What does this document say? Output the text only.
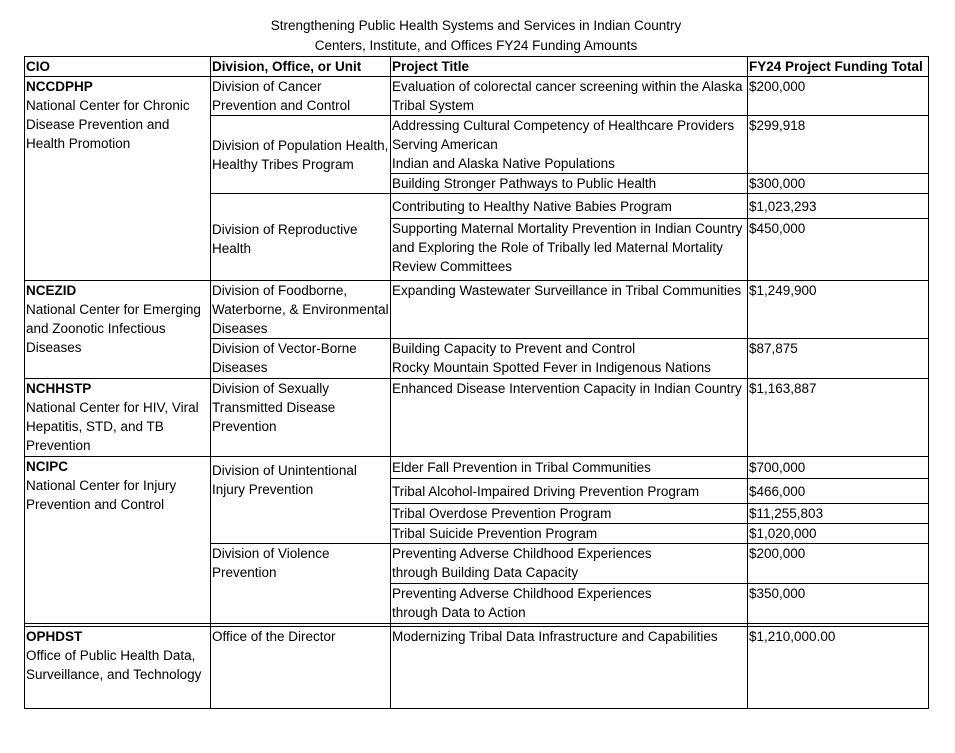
Strengthening Public Health Systems and Services in Indian Country
Centers, Institute, and Offices FY24 Funding Amounts
CIO	Division, Office, or Unit	Project Title	FY24 Project Funding Total

NCCDPHP
National Center for Chronic Disease Prevention and Health Promotion	Division of Cancer Prevention and Control	Evaluation of colorectal cancer screening within the Alaska Tribal System	$200,000
	Division of Population Health, Healthy Tribes Program	Addressing Cultural Competency of Healthcare Providers Serving American
Indian and Alaska Native Populations	$299,918
		Building Stronger Pathways to Public Health	$300,000
	Division of Reproductive Health	Contributing to Healthy Native Babies Program	$1,023,293
		Supporting Maternal Mortality Prevention in Indian Country and Exploring the Role of Tribally led Maternal Mortality Review Committees	$450,000

NCEZID
National Center for Emerging and Zoonotic Infectious Diseases	Division of Foodborne, Waterborne, & Environmental Diseases	Expanding Wastewater Surveillance in Tribal Communities	$1,249,900
	Division of Vector-Borne Diseases	Building Capacity to Prevent and Control
Rocky Mountain Spotted Fever in Indigenous Nations	$87,875

NCHHSTP
National Center for HIV, Viral Hepatitis, STD, and TB Prevention	Division of Sexually Transmitted Disease Prevention	Enhanced Disease Intervention Capacity in Indian Country	$1,163,887

NCIPC
National Center for Injury Prevention and Control	Division of Unintentional Injury Prevention	Elder Fall Prevention in Tribal Communities	$700,000
		Tribal Alcohol-Impaired Driving Prevention Program	$466,000
		Tribal Overdose Prevention Program	$11,255,803
		Tribal Suicide Prevention Program	$1,020,000
	Division of Violence Prevention	Preventing Adverse Childhood Experiences
through Building Data Capacity	$200,000
		Preventing Adverse Childhood Experiences
through Data to Action	$350,000

OPHDST
Office of Public Health Data, Surveillance, and Technology	Office of the Director	Modernizing Tribal Data Infrastructure and Capabilities	$1,210,000.00
